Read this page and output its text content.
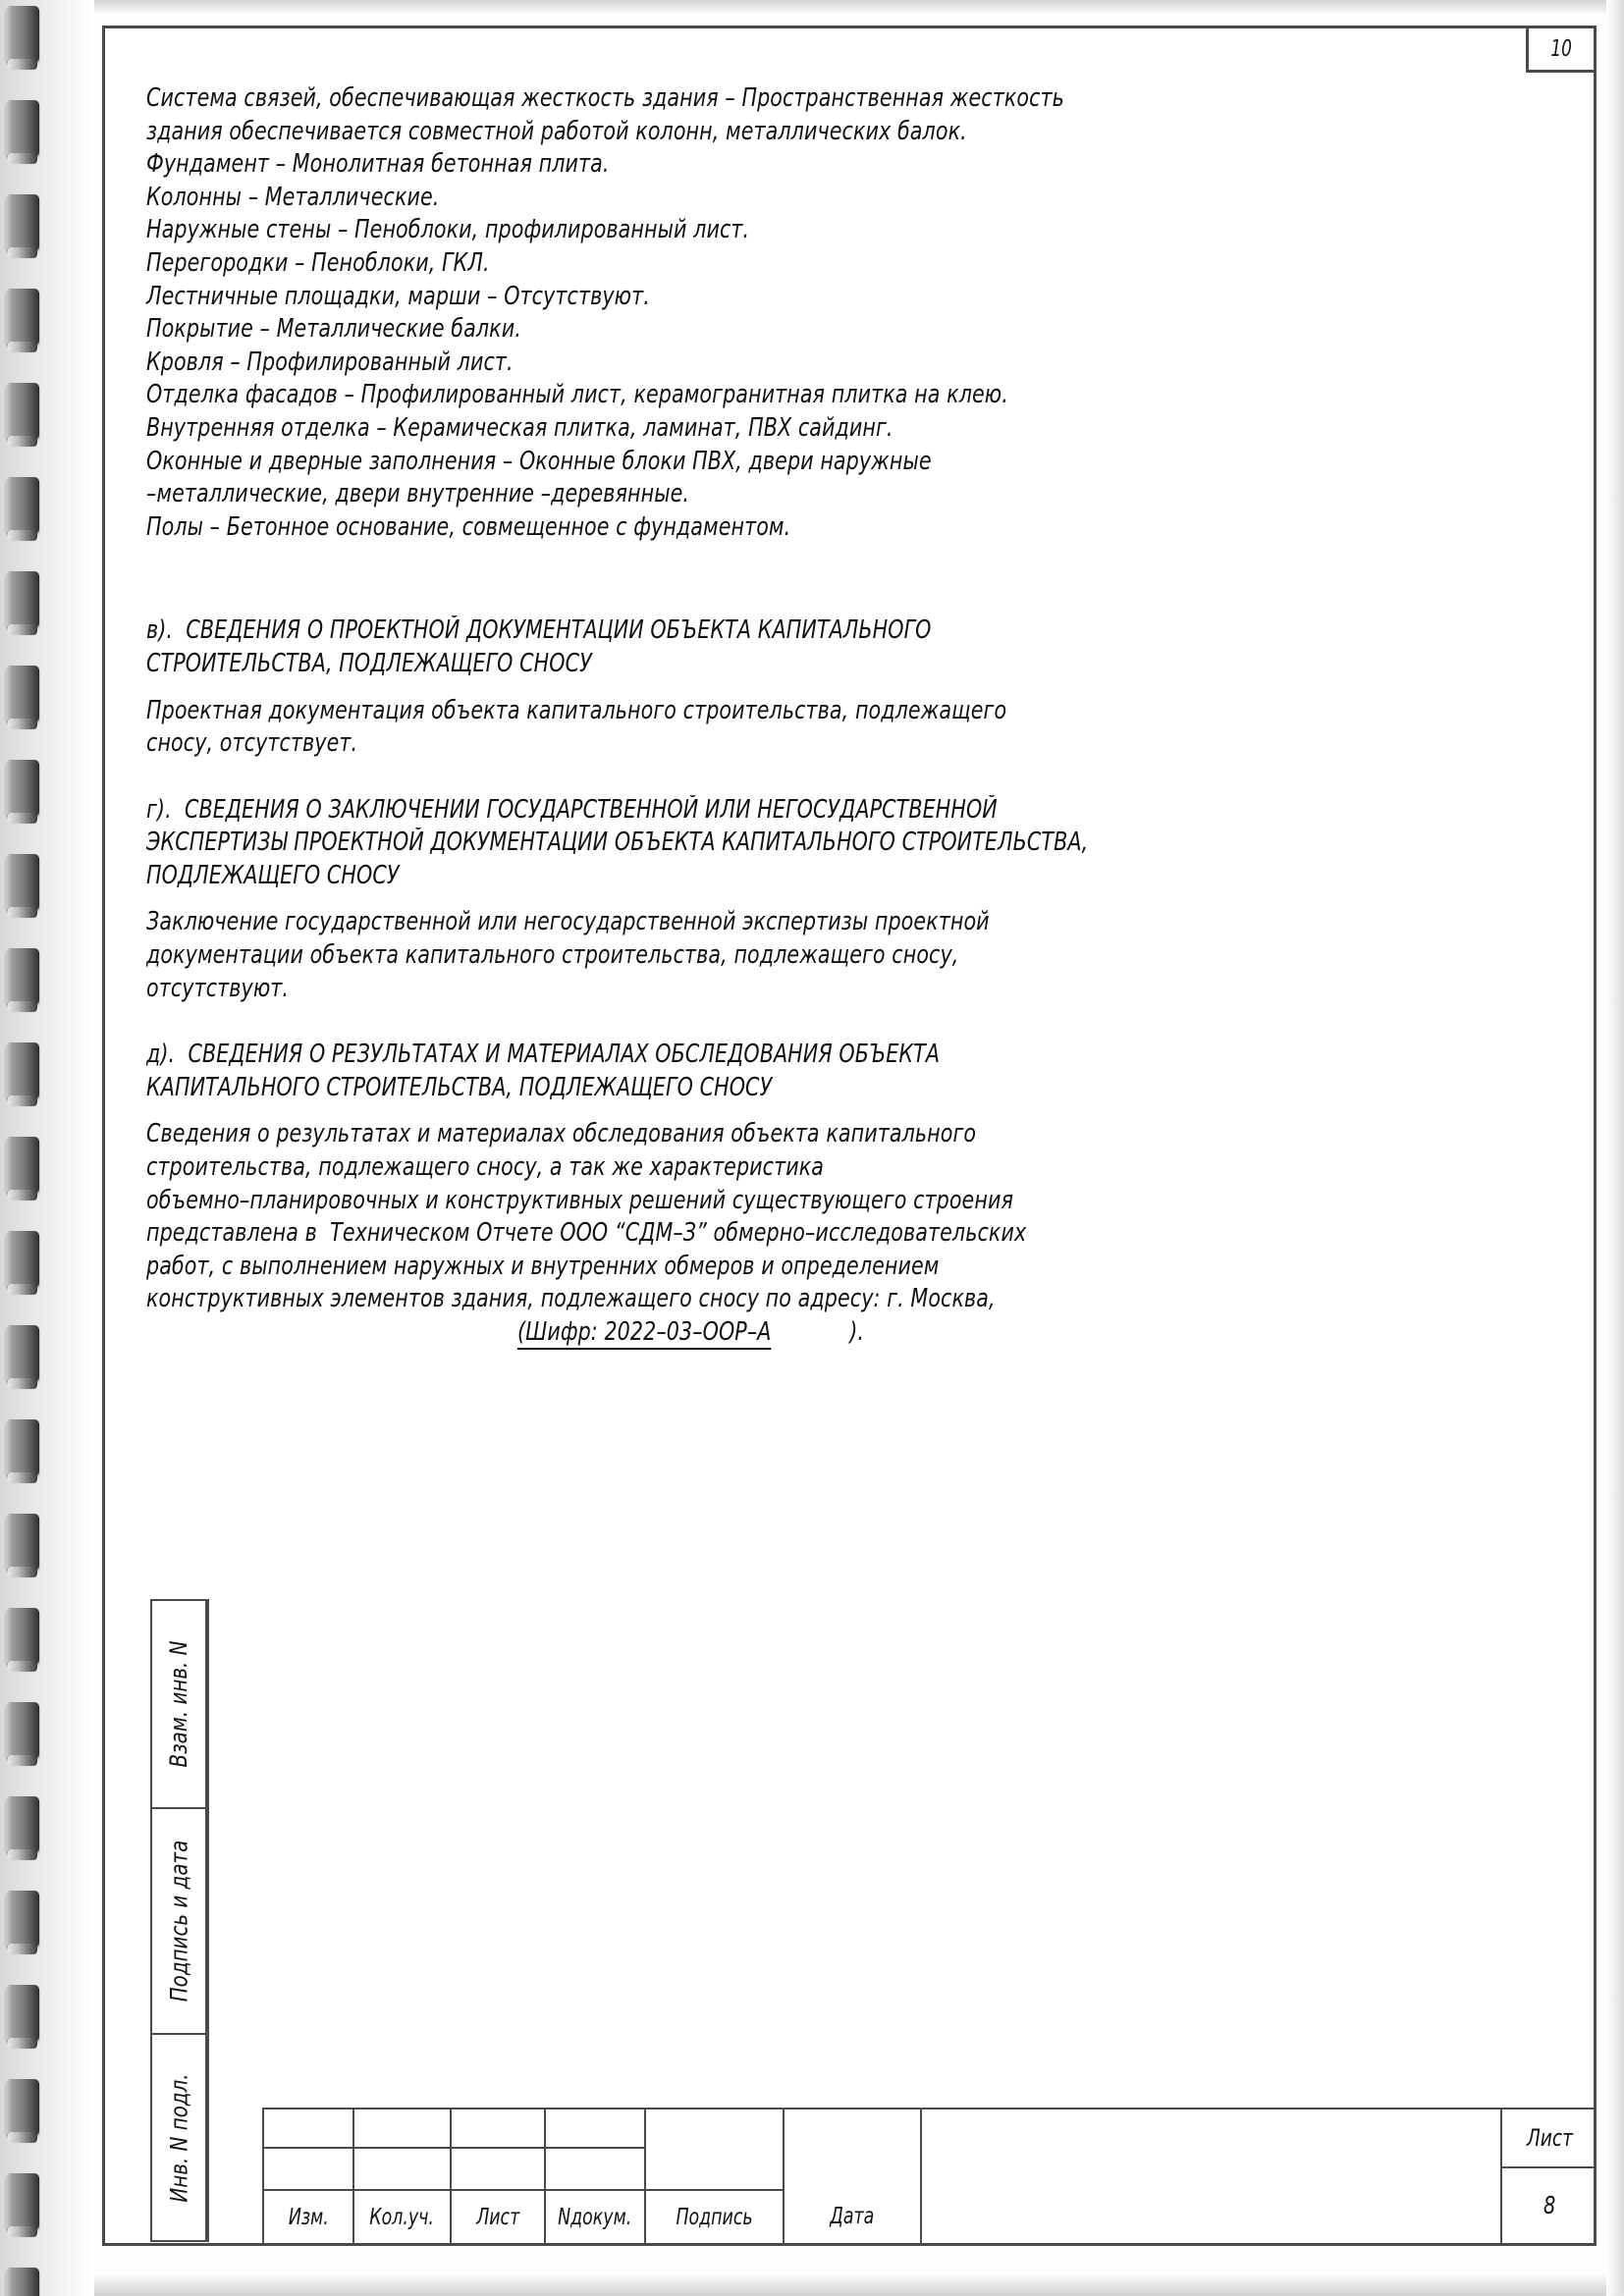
10
Система связей, обеспечивающая жесткость здания – Пространственная жесткость
здания обеспечивается совместной работой колонн, металлических балок.
Фундамент – Монолитная бетонная плита.
Колонны – Металлические.
Наружные стены – Пеноблоки, профилированный лист.
Перегородки – Пеноблоки, ГКЛ.
Лестничные площадки, марши – Отсутствуют.
Покрытие – Металлические балки.
Кровля – Профилированный лист.
Отделка фасадов – Профилированный лист, керамогранитная плитка на клею.
Внутренняя отделка – Керамическая плитка, ламинат, ПВХ сайдинг.
Оконные и дверные заполнения – Оконные блоки ПВХ, двери наружные
–металлические, двери внутренние –деревянные.
Полы – Бетонное основание, совмещенное с фундаментом.
в).  СВЕДЕНИЯ О ПРОЕКТНОЙ ДОКУМЕНТАЦИИ ОБЪЕКТА КАПИТАЛЬНОГО
СТРОИТЕЛЬСТВА, ПОДЛЕЖАЩЕГО СНОСУ
Проектная документация объекта капитального строительства, подлежащего
сносу, отсутствует.
г).  СВЕДЕНИЯ О ЗАКЛЮЧЕНИИ ГОСУДАРСТВЕННОЙ ИЛИ НЕГОСУДАРСТВЕННОЙ
ЭКСПЕРТИЗЫ ПРОЕКТНОЙ ДОКУМЕНТАЦИИ ОБЪЕКТА КАПИТАЛЬНОГО СТРОИТЕЛЬСТВА,
ПОДЛЕЖАЩЕГО СНОСУ
Заключение государственной или негосударственной экспертизы проектной
документации объекта капитального строительства, подлежащего сносу,
отсутствуют.
д).  СВЕДЕНИЯ О РЕЗУЛЬТАТАХ И МАТЕРИАЛАХ ОБСЛЕДОВАНИЯ ОБЪЕКТА
КАПИТАЛЬНОГО СТРОИТЕЛЬСТВА, ПОДЛЕЖАЩЕГО СНОСУ
Сведения о результатах и материалах обследования объекта капитального
строительства, подлежащего сносу, а так же характеристика
объемно–планировочных и конструктивных решений существующего строения
представлена в  Техническом Отчете ООО “СДМ–З” обмерно–исследовательских
работ, с выполнением наружных и внутренних обмеров и определением
конструктивных элементов здания, подлежащего сносу по адресу: г. Москва,
(Шифр: 2022–03–ООР–А	).
Взам. инв. N
Подпись и дата
Инв. N подл.
Изм. Кол.уч. Лист Nдокум. Подпись	Дата
Лист
8
